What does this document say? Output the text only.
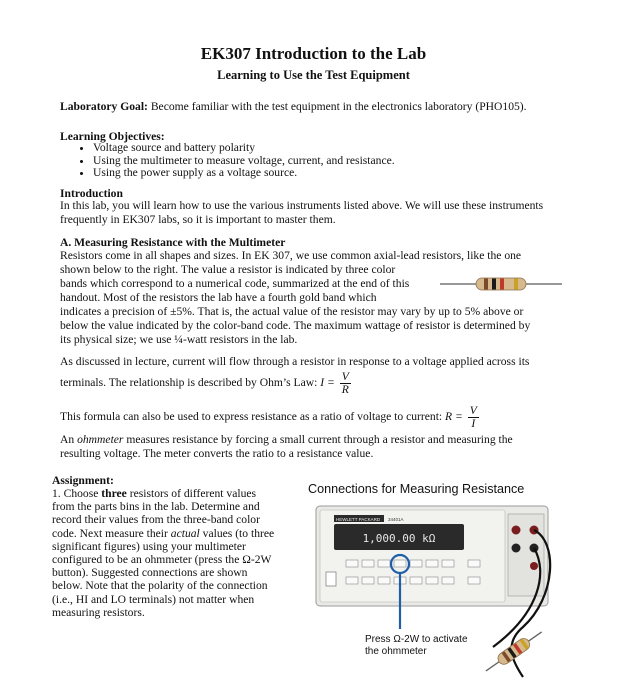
EK307 Introduction to the Lab
Learning to Use the Test Equipment

Laboratory Goal: Become familiar with the test equipment in the electronics laboratory (PHO105).

Learning Objectives:

• Voltage source and battery polarity
• Using the multimeter to measure voltage, current, and resistance.
• Using the power supply as a voltage source.

Introduction

In this lab, you will learn how to use the various instruments listed above. We will use these instruments frequently in EK307 labs, so it is important to master them.

A. Measuring Resistance with the Multimeter

Resistors come in all shapes and sizes. In EK 307, we use common axial-lead resistors, like the one
shown below to the right. The value a resistor is indicated by three color
bands which correspond to a numerical code, summarized at the end of this
handout. Most of the resistors the lab have a fourth gold band which
indicates a precision of ±5%. That is, the actual value of the resistor may vary by up to 5% above or
below the value indicated by the color-band code. The maximum wattage of resistor is determined by
its physical size; we use ¼-watt resistors in the lab.
As discussed in lecture, current will flow through a resistor in response to a voltage applied across its
terminals. The relationship is described by Ohm’s Law: $I = \frac{V}{R}$
This formula can also be used to express resistance as a ratio of voltage to current: $R = \frac{V}{I}$
An ohmmeter measures resistance by forcing a small current through a resistor and measuring the
resulting voltage. The meter converts the ratio to a resistance value.

Assignment:

1. Choose three resistors of different values
from the parts bins in the lab. Determine and
record their values from the three-band color
code. Next measure their actual values (to three
significant figures) using your multimeter
configured to be an ohmmeter (press the Ω-2W
button). Suggested connections are shown
below. Note that the polarity of the connection
(i.e., HI and LO terminals) not matter when
measuring resistors.
Connections for Measuring Resistance
1,000.00 kΩ
HEWLETT PACKARD 34401A
Press Ω-2W to activate
the ohmmeter
